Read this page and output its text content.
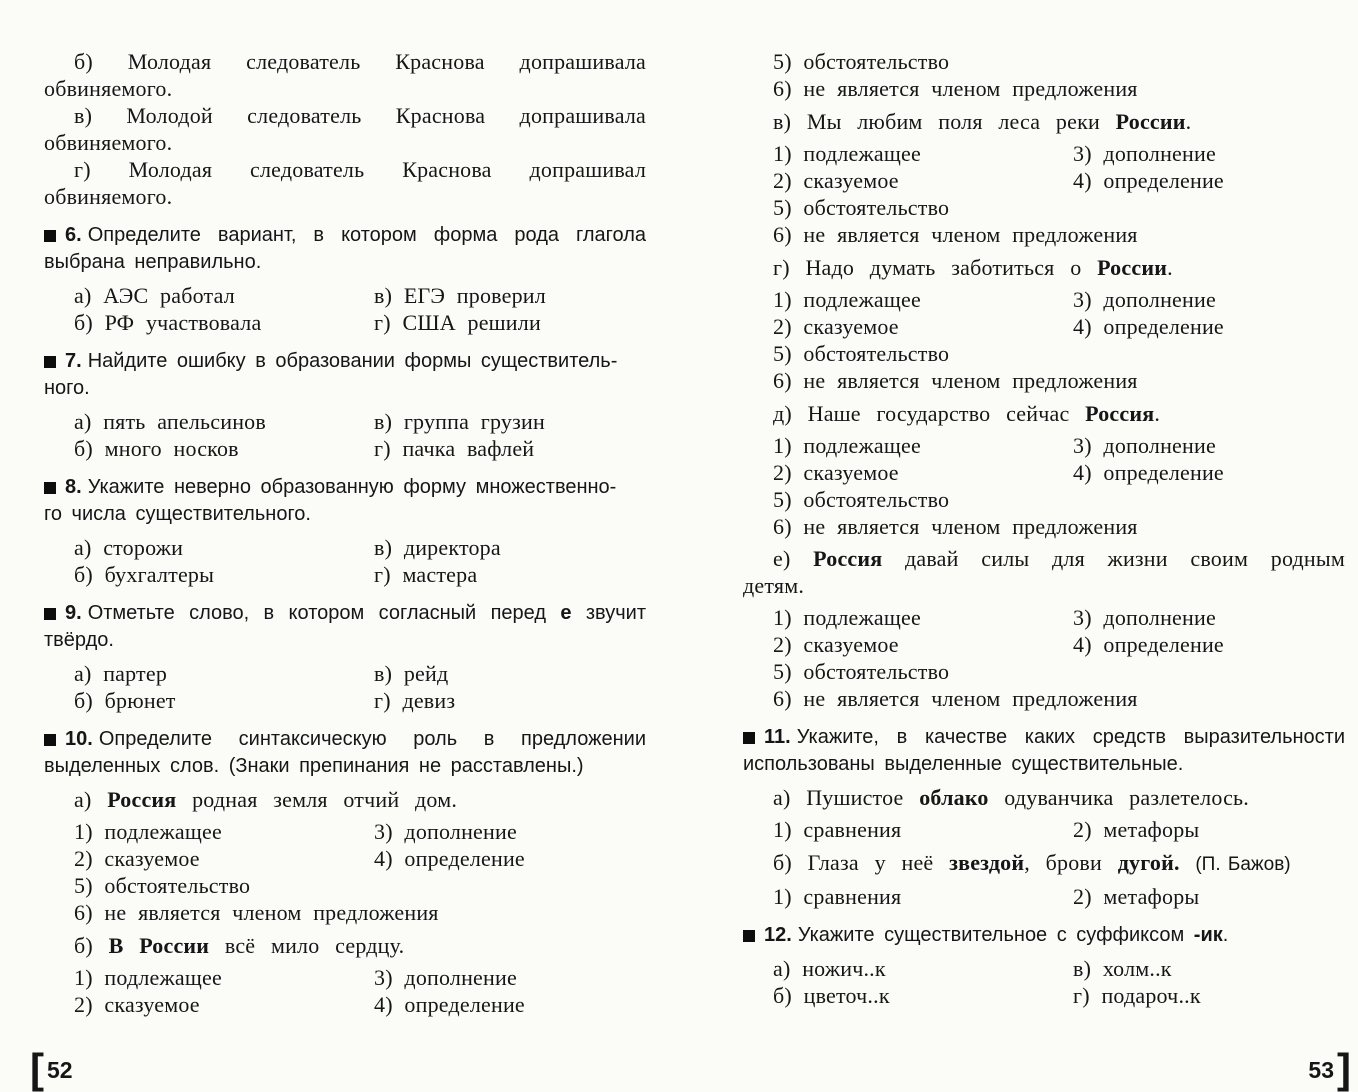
б) Молодая следователь Краснова допрашивала обвиняемого.
в) Молодой следователь Краснова допрашивала обвиняемого.
г) Молодая следователь Краснова допрашивал обвиняемого.
6. Определите вариант, в котором форма рода глагола выбрана неправильно.
а) АЭС работал	в) ЕГЭ проверил
б) РФ участвовала	г) США решили
7. Найдите ошибку в образовании формы существитель-
ного.
а) пять апельсинов	в) группа грузин
б) много носков	г) пачка вафлей
8. Укажите неверно образованную форму множественно-
го числа существительного.
а) сторожи	в) директора
б) бухгалтеры	г) мастера
9. Отметьте слово, в котором согласный перед е звучит твёрдо.
а) партер	в) рейд
б) брюнет	г) девиз
10. Определите синтаксическую роль в предложении выделенных слов. (Знаки препинания не расставлены.)
а) Россия родная земля отчий дом.
1) подлежащее	3) дополнение
2) сказуемое	4) определение
5) обстоятельство
6) не является членом предложения
б) В России всё мило сердцу.
1) подлежащее	3) дополнение
2) сказуемое	4) определение
[ 52
5) обстоятельство
6) не является членом предложения
в) Мы любим поля леса реки России.
1) подлежащее	3) дополнение
2) сказуемое	4) определение
5) обстоятельство
6) не является членом предложения
г) Надо думать заботиться о России.
1) подлежащее	3) дополнение
2) сказуемое	4) определение
5) обстоятельство
6) не является членом предложения
д) Наше государство сейчас Россия.
1) подлежащее	3) дополнение
2) сказуемое	4) определение
5) обстоятельство
6) не является членом предложения
е) Россия давай силы для жизни своим родным детям.
1) подлежащее	3) дополнение
2) сказуемое	4) определение
5) обстоятельство
6) не является членом предложения
11. Укажите, в качестве каких средств выразительности использованы выделенные существительные.
а) Пушистое облако одуванчика разлетелось.
1) сравнения	2) метафоры
б) Глаза у неё звездой, брови дугой. (П. Бажов)
1) сравнения	2) метафоры
12. Укажите существительное с суффиксом -ик.
а) ножич..к	в) холм..к
б) цветоч..к	г) подароч..к
53]
